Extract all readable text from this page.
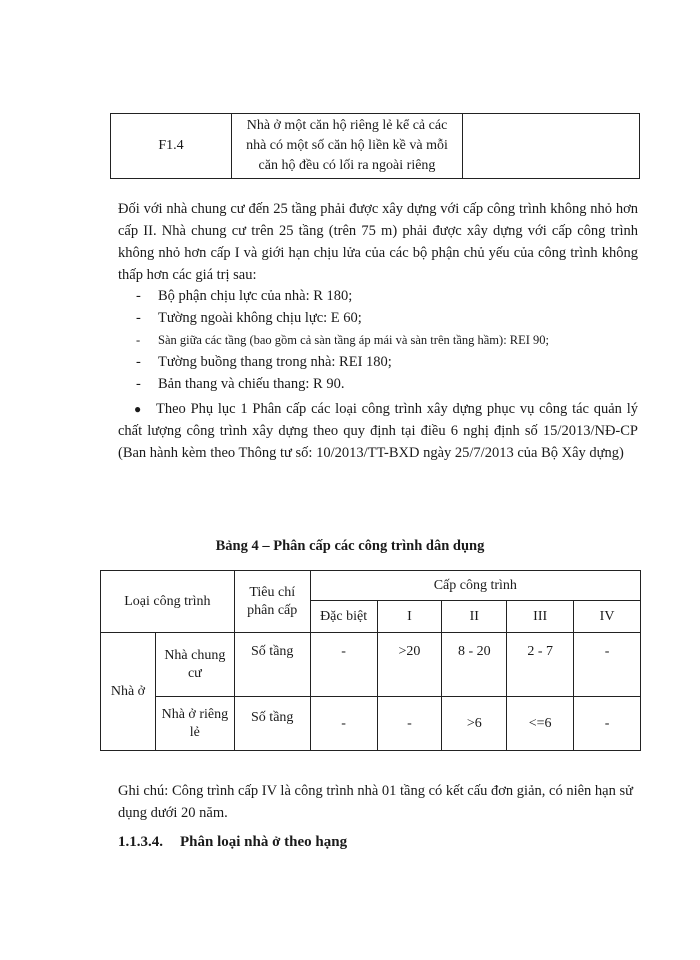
F1.4	Nhà ở một căn hộ riêng lẻ kể cả các nhà có một số căn hộ liền kề và mỗi căn hộ đều có lối ra ngoài riêng	
Đối với nhà chung cư đến 25 tầng phải được xây dựng với cấp công trình không nhỏ hơn cấp II. Nhà chung cư trên 25 tầng (trên 75 m) phải được xây dựng với cấp công trình không nhỏ hơn cấp I và giới hạn chịu lửa của các bộ phận chủ yếu của công trình không thấp hơn các giá trị sau:
- Bộ phận chịu lực của nhà: R 180;
- Tường ngoài không chịu lực: E 60;
- Sàn giữa các tầng (bao gồm cả sàn tầng áp mái và sàn trên tầng hầm): REI 90;
- Tường buồng thang trong nhà: REI 180;
- Bản thang và chiếu thang: R 90.
● Theo Phụ lục 1 Phân cấp các loại công trình xây dựng phục vụ công tác quản lý chất lượng công trình xây dựng theo quy định tại điều 6 nghị định số 15/2013/NĐ-CP (Ban hành kèm theo Thông tư số: 10/2013/TT-BXD ngày 25/7/2013 của Bộ Xây dựng)
Bảng 4 – Phân cấp các công trình dân dụng
Loại công trình		Tiêu chí phân cấp	Cấp công trình				
			Đặc biệt	I	II	III	IV
Nhà ở	Nhà chung cư	Số tầng	-	>20	8 - 20	2 - 7	-
	Nhà ở riêng lẻ	Số tầng	-	-	>6	<=6	-
Ghi chú: Công trình cấp IV là công trình nhà 01 tầng có kết cấu đơn giản, có niên hạn sử dụng dưới 20 năm.
1.1.3.4. Phân loại nhà ở theo hạng
